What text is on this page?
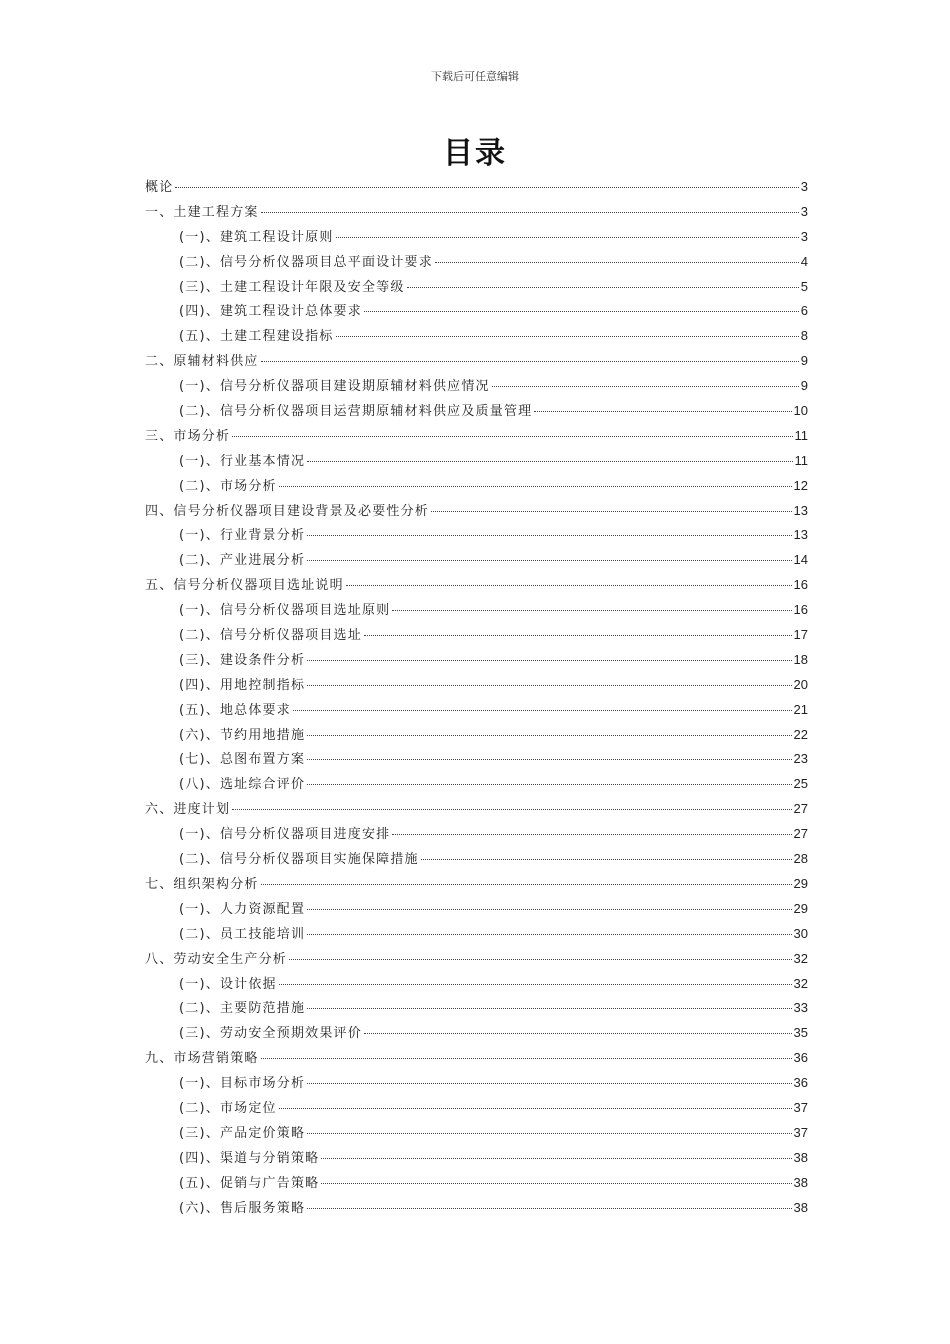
下载后可任意编辑
目录
概论	3
一、土建工程方案	3
(一)、建筑工程设计原则	3
(二)、信号分析仪器项目总平面设计要求	4
(三)、土建工程设计年限及安全等级	5
(四)、建筑工程设计总体要求	6
(五)、土建工程建设指标	8
二、原辅材料供应	9
(一)、信号分析仪器项目建设期原辅材料供应情况	9
(二)、信号分析仪器项目运营期原辅材料供应及质量管理	10
三、市场分析	11
(一)、行业基本情况	11
(二)、市场分析	12
四、信号分析仪器项目建设背景及必要性分析	13
(一)、行业背景分析	13
(二)、产业进展分析	14
五、信号分析仪器项目选址说明	16
(一)、信号分析仪器项目选址原则	16
(二)、信号分析仪器项目选址	17
(三)、建设条件分析	18
(四)、用地控制指标	20
(五)、地总体要求	21
(六)、节约用地措施	22
(七)、总图布置方案	23
(八)、选址综合评价	25
六、进度计划	27
(一)、信号分析仪器项目进度安排	27
(二)、信号分析仪器项目实施保障措施	28
七、组织架构分析	29
(一)、人力资源配置	29
(二)、员工技能培训	30
八、劳动安全生产分析	32
(一)、设计依据	32
(二)、主要防范措施	33
(三)、劳动安全预期效果评价	35
九、市场营销策略	36
(一)、目标市场分析	36
(二)、市场定位	37
(三)、产品定价策略	37
(四)、渠道与分销策略	38
(五)、促销与广告策略	38
(六)、售后服务策略	38
